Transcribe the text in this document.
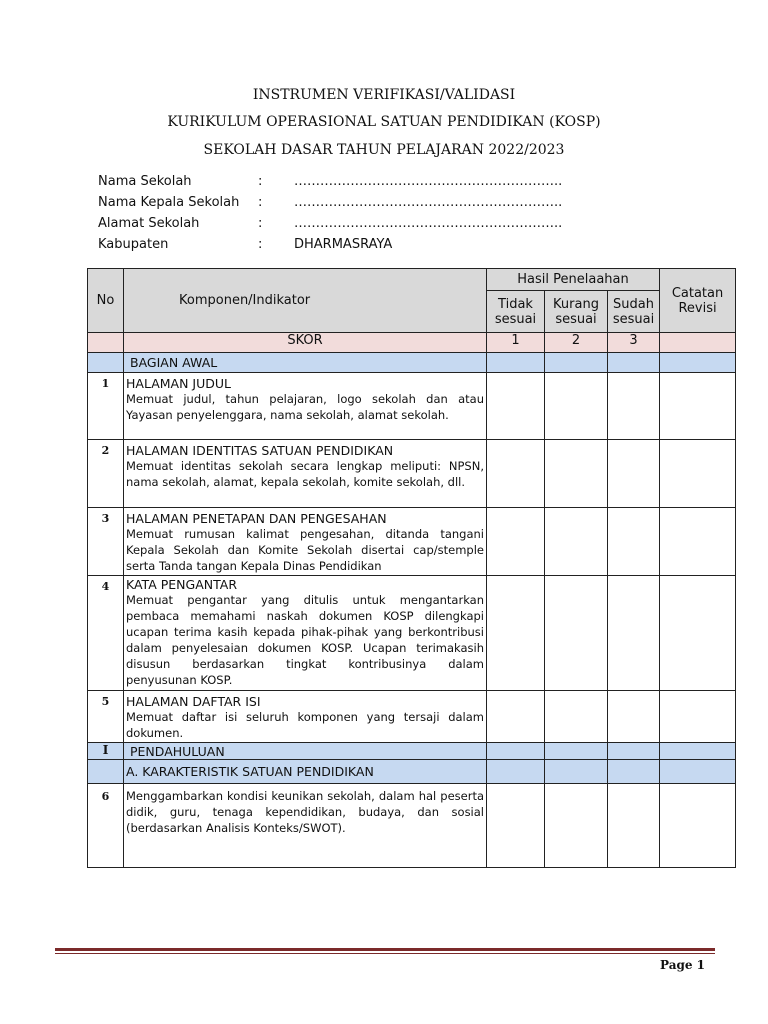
INSTRUMEN VERIFIKASI/VALIDASI
KURIKULUM OPERASIONAL SATUAN PENDIDIKAN (KOSP)
SEKOLAH DASAR TAHUN PELAJARAN 2022/2023
Nama Sekolah	:	……………………………………………………..
Nama Kepala Sekolah	:	……………………………………………………..
Alamat Sekolah	:	……………………………………………………..
Kabupaten	:	DHARMASRAYA
No	Komponen/Indikator	Hasil Penelaahan			Catatan Revisi
		Tidak sesuai	Kurang sesuai	Sudah sesuai	
	SKOR	1	2	3	
	BAGIAN AWAL				
1	HALAMAN JUDUL
Memuat judul, tahun pelajaran, logo sekolah dan atau Yayasan penyelenggara, nama sekolah, alamat sekolah.				

2	HALAMAN IDENTITAS SATUAN PENDIDIKAN
Memuat identitas sekolah secara lengkap meliputi: NPSN, nama sekolah, alamat, kepala sekolah, komite sekolah, dll.				

3	HALAMAN PENETAPAN DAN PENGESAHAN
Memuat rumusan kalimat pengesahan, ditanda tangani Kepala Sekolah dan Komite Sekolah disertai cap/stemple serta Tanda tangan Kepala Dinas Pendidikan				

4	KATA PENGANTAR
Memuat pengantar yang ditulis untuk mengantarkan pembaca memahami naskah dokumen KOSP dilengkapi ucapan terima kasih kepada pihak-pihak yang berkontribusi dalam penyelesaian dokumen KOSP. Ucapan terimakasih disusun berdasarkan tingkat kontribusinya dalam penyusunan KOSP.				

5	HALAMAN DAFTAR ISI
Memuat daftar isi seluruh komponen yang tersaji dalam dokumen.				

I	PENDAHULUAN				
	A. KARAKTERISTIK SATUAN PENDIDIKAN				
6	Menggambarkan kondisi keunikan sekolah, dalam hal peserta didik, guru, tenaga kependidikan, budaya, dan sosial (berdasarkan Analisis Konteks/SWOT).				

Page 1
